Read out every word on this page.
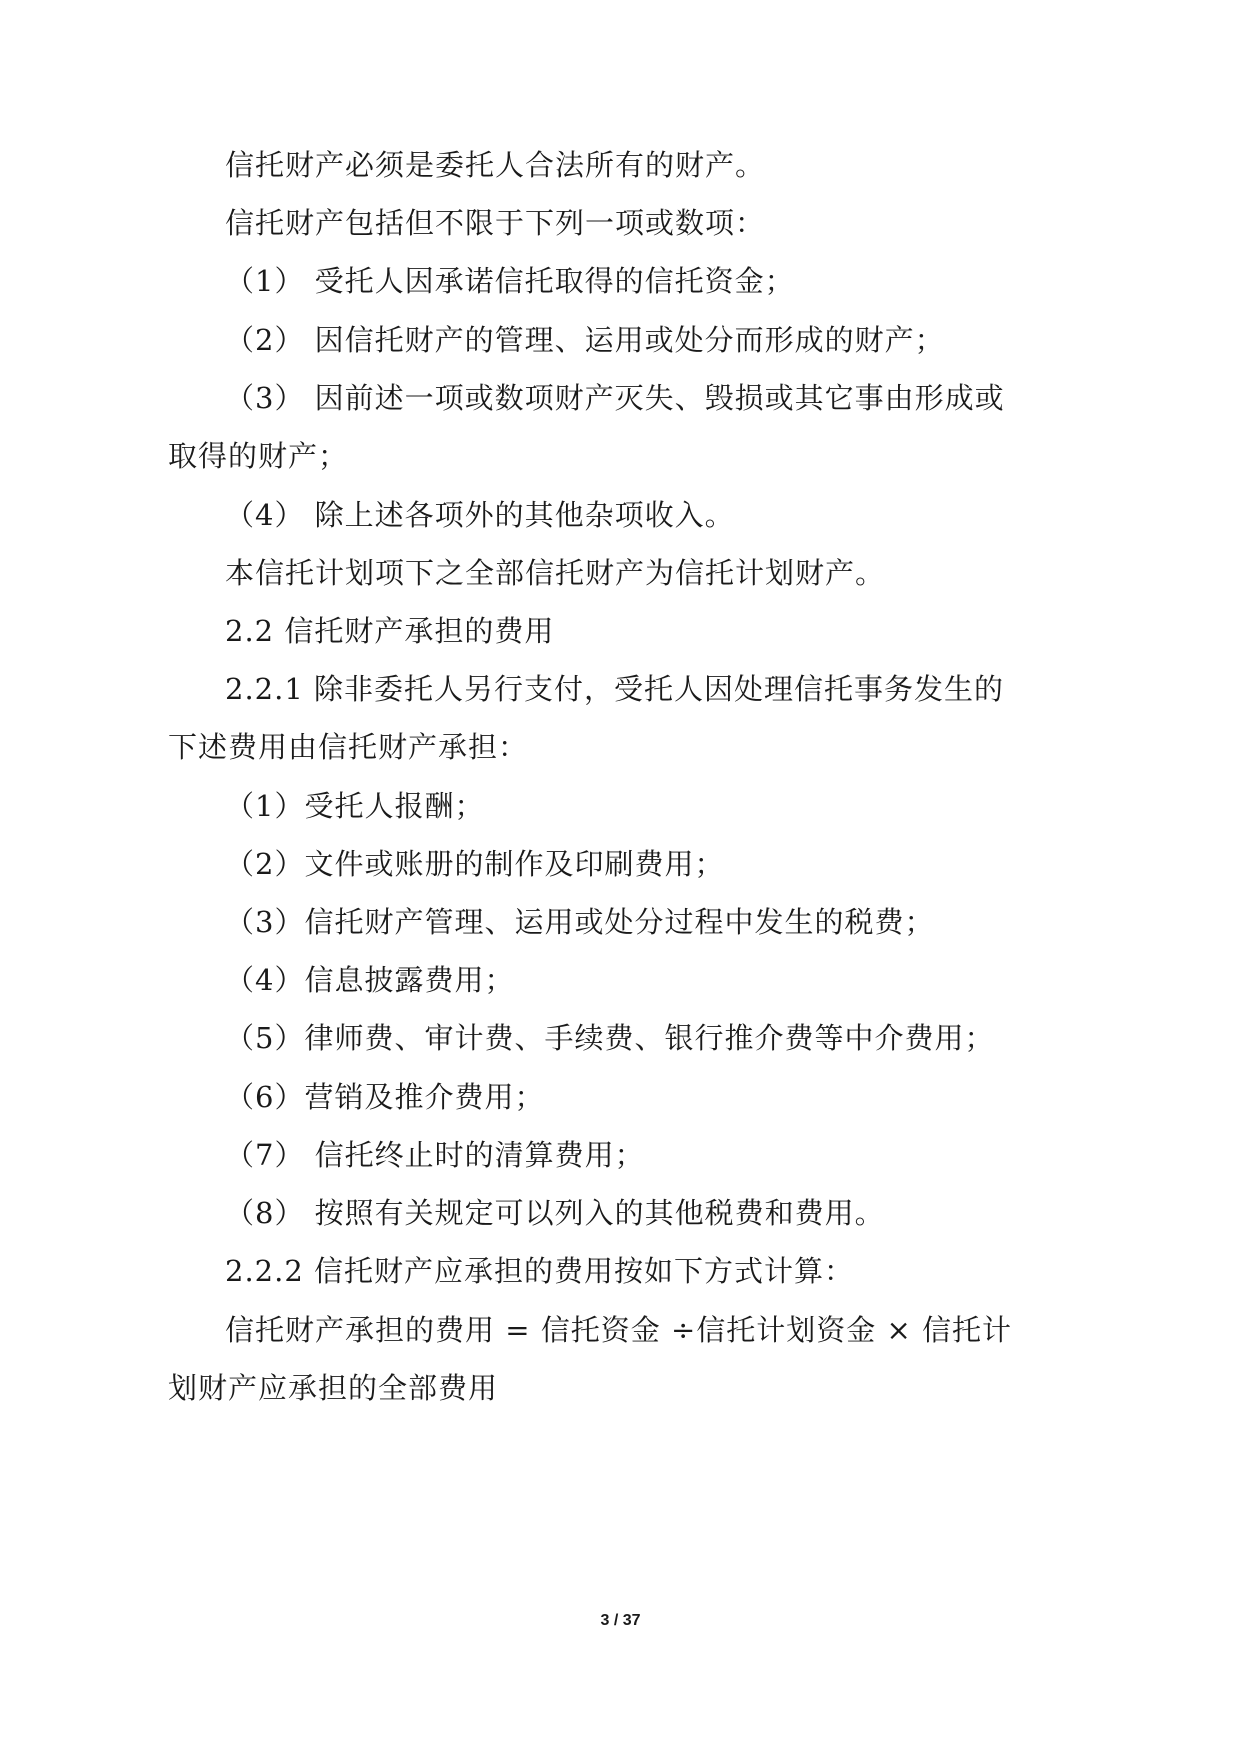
信托财产必须是委托人合法所有的财产。
信托财产包括但不限于下列一项或数项：
（1） 受托人因承诺信托取得的信托资金；
（2） 因信托财产的管理、运用或处分而形成的财产；
（3） 因前述一项或数项财产灭失、毁损或其它事由形成或
取得的财产；
（4） 除上述各项外的其他杂项收入。
本信托计划项下之全部信托财产为信托计划财产。
2.2 信托财产承担的费用
2.2.1 除非委托人另行支付，受托人因处理信托事务发生的
下述费用由信托财产承担：
（1）受托人报酬；
（2）文件或账册的制作及印刷费用；
（3）信托财产管理、运用或处分过程中发生的税费；
（4）信息披露费用；
（5）律师费、审计费、手续费、银行推介费等中介费用；
（6）营销及推介费用；
（7） 信托终止时的清算费用；
（8） 按照有关规定可以列入的其他税费和费用。
2.2.2 信托财产应承担的费用按如下方式计算：
信托财产承担的费用 = 信托资金 ÷信托计划资金 × 信托计
划财产应承担的全部费用
3 / 37
